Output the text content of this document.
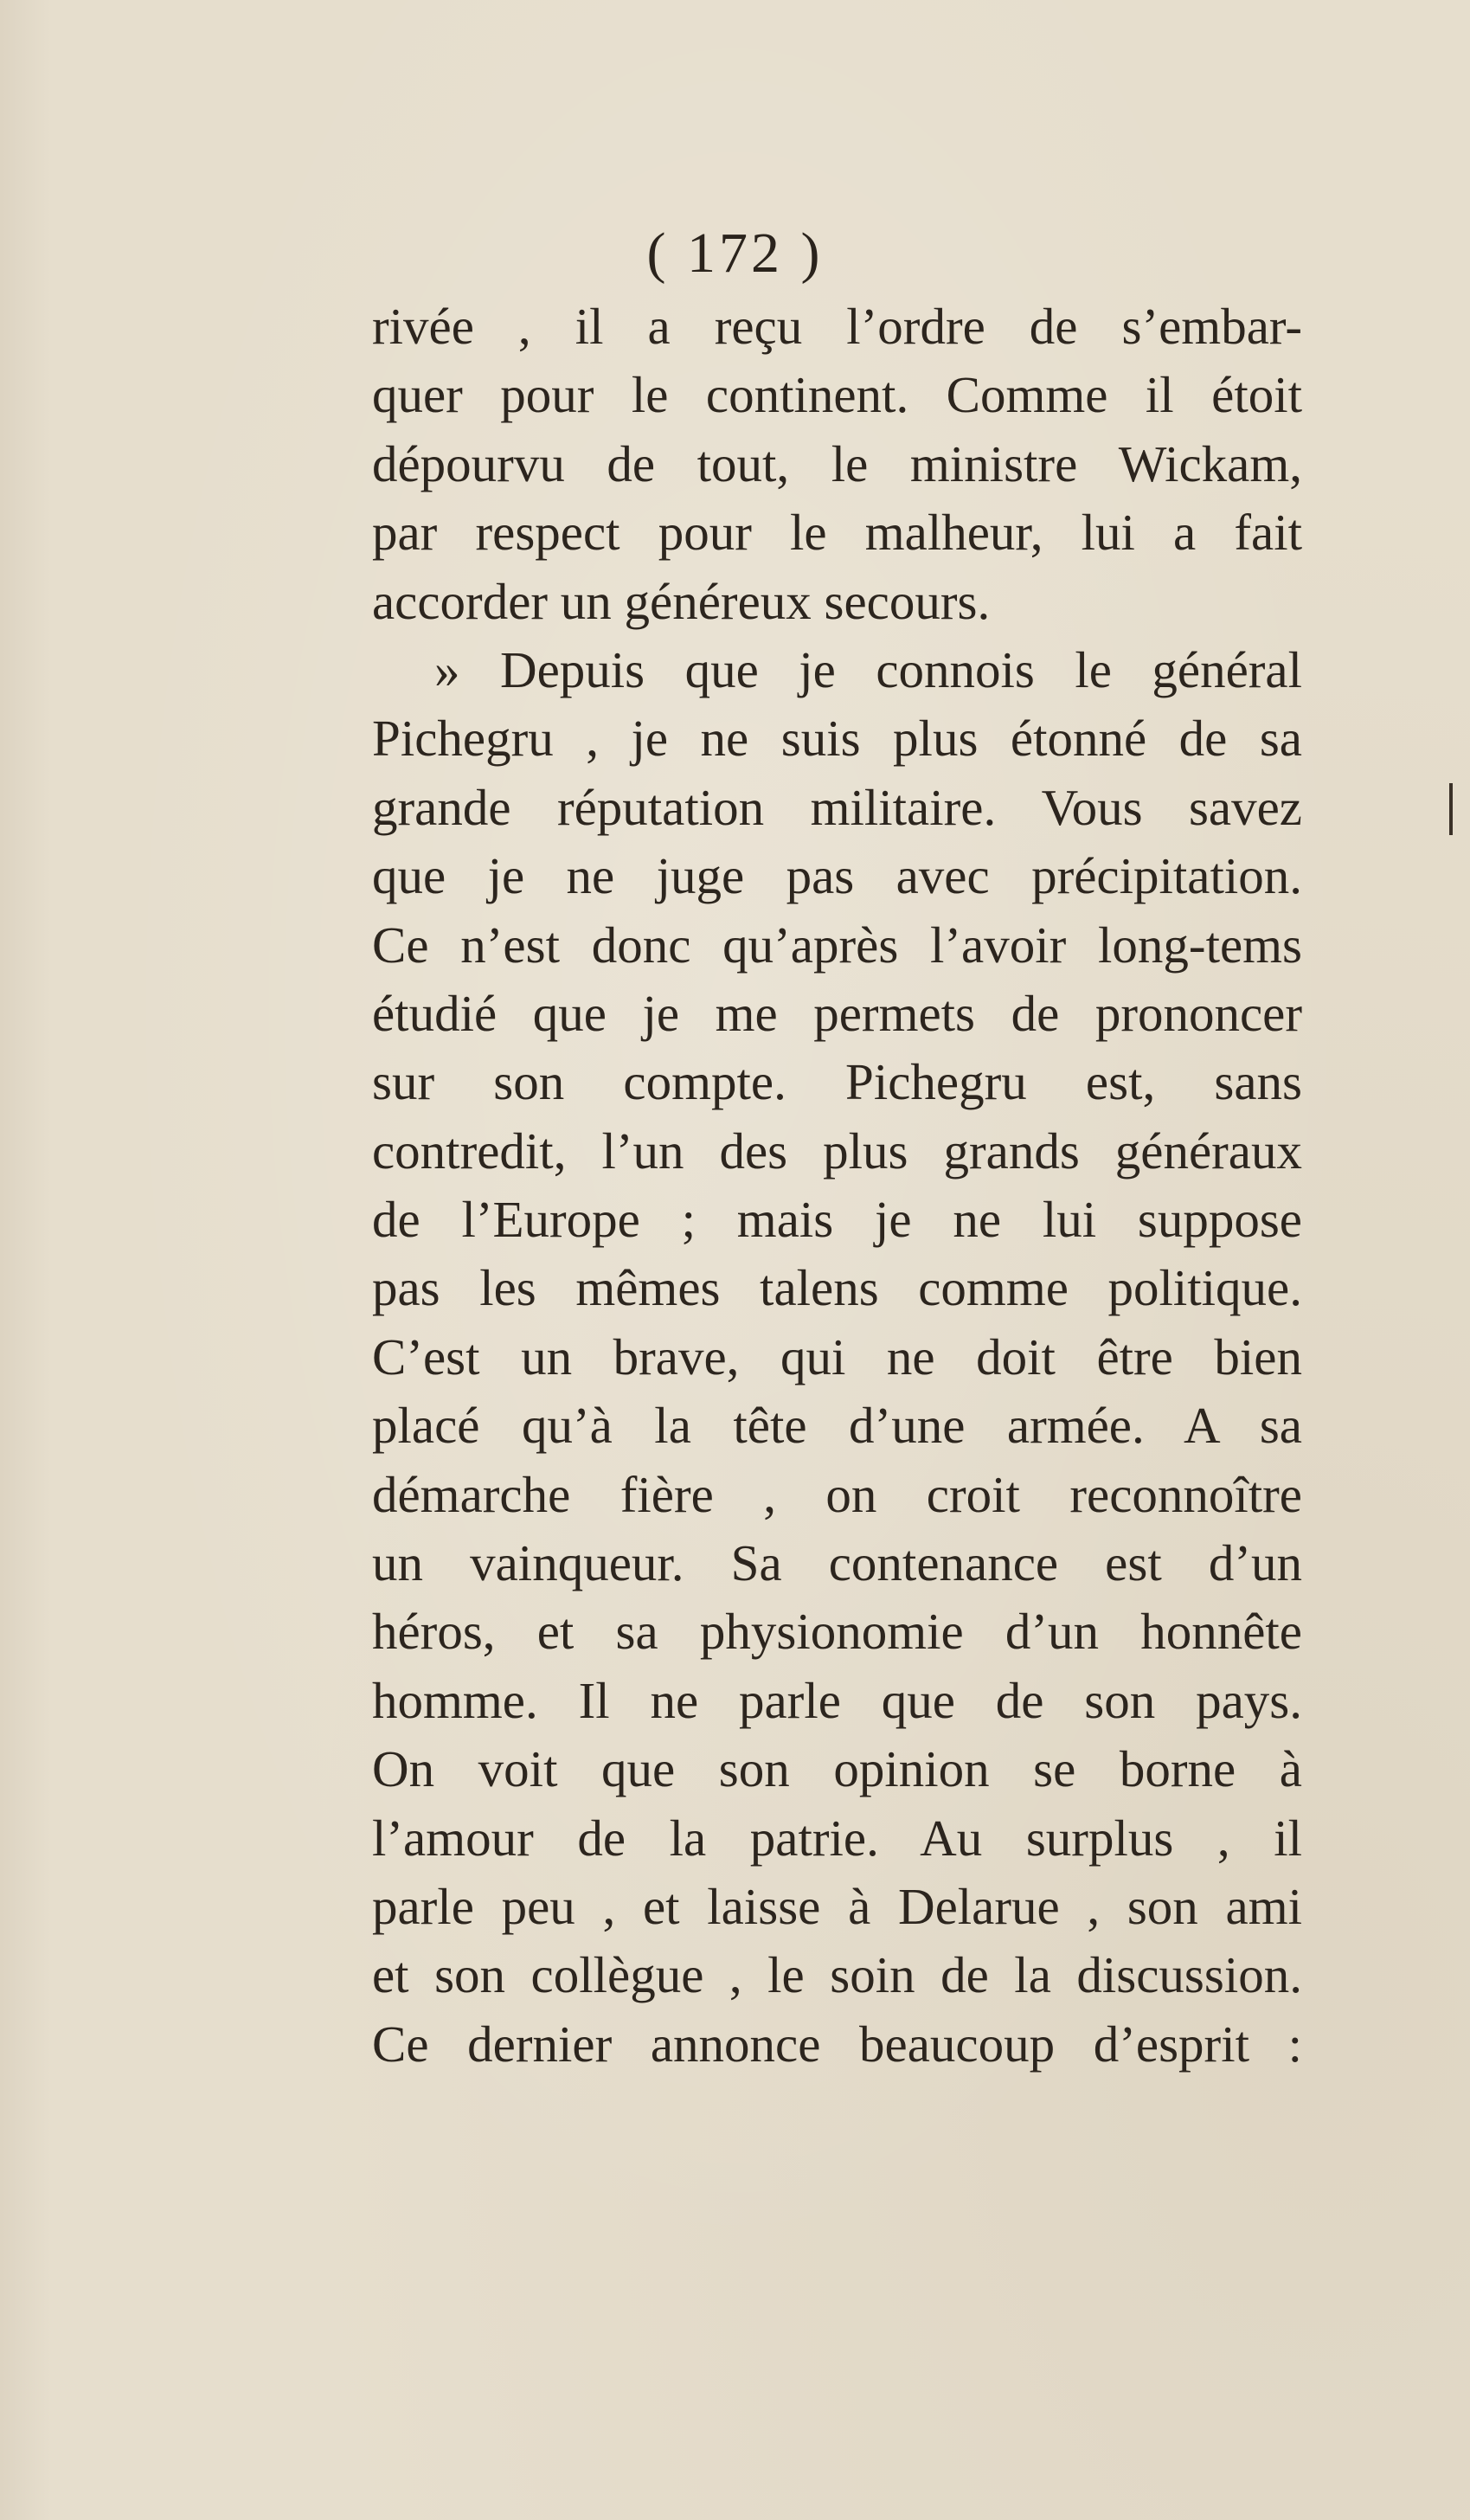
( 172 )
rivée , il a reçu l’ordre de s’embar-
quer pour le continent. Comme il étoit
dépourvu de tout, le ministre Wickam,
par respect pour le malheur, lui a fait
accorder un généreux secours.
» Depuis que je connois le général
Pichegru , je ne suis plus étonné de sa
grande réputation militaire. Vous savez
que je ne juge pas avec précipitation.
Ce n’est donc qu’après l’avoir long-tems
étudié que je me permets de prononcer
sur son compte. Pichegru est, sans
contredit, l’un des plus grands généraux
de l’Europe ; mais je ne lui suppose
pas les mêmes talens comme politique.
C’est un brave, qui ne doit être bien
placé qu’à la tête d’une armée. A sa
démarche fière , on croit reconnoître
un vainqueur. Sa contenance est d’un
héros, et sa physionomie d’un honnête
homme. Il ne parle que de son pays.
On voit que son opinion se borne à
l’amour de la patrie. Au surplus , il
parle peu , et laisse à Delarue , son ami
et son collègue , le soin de la discussion.
Ce dernier annonce beaucoup d’esprit :
